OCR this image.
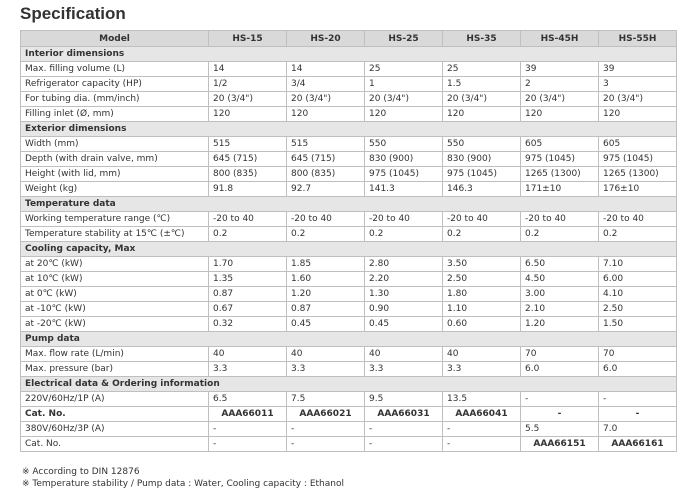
Specification
Model	HS-15	HS-20	HS-25	HS-35	HS-45H	HS-55H
Interior dimensions						
Max. filling volume (L)	14	14	25	25	39	39
Refrigerator capacity (HP)	1/2	3/4	1	1.5	2	3
For tubing dia. (mm/inch)	20 (3/4")	20 (3/4")	20 (3/4")	20 (3/4")	20 (3/4")	20 (3/4")
Filling inlet (Ø, mm)	120	120	120	120	120	120
Exterior dimensions						
Width (mm)	515	515	550	550	605	605
Depth (with drain valve, mm)	645 (715)	645 (715)	830 (900)	830 (900)	975 (1045)	975 (1045)
Height (with lid, mm)	800 (835)	800 (835)	975 (1045)	975 (1045)	1265 (1300)	1265 (1300)
Weight (kg)	91.8	92.7	141.3	146.3	171±10	176±10
Temperature data						
Working temperature range (℃)	-20 to 40	-20 to 40	-20 to 40	-20 to 40	-20 to 40	-20 to 40
Temperature stability at 15℃ (±℃)	0.2	0.2	0.2	0.2	0.2	0.2
Cooling capacity, Max						
at 20℃ (kW)	1.70	1.85	2.80	3.50	6.50	7.10
at 10℃ (kW)	1.35	1.60	2.20	2.50	4.50	6.00
at 0℃ (kW)	0.87	1.20	1.30	1.80	3.00	4.10
at -10℃ (kW)	0.67	0.87	0.90	1.10	2.10	2.50
at -20℃ (kW)	0.32	0.45	0.45	0.60	1.20	1.50
Pump data						
Max. flow rate (L/min)	40	40	40	40	70	70
Max. pressure (bar)	3.3	3.3	3.3	3.3	6.0	6.0
Electrical data & Ordering information						
220V/60Hz/1P (A)	6.5	7.5	9.5	13.5	-	-
Cat. No.	AAA66011	AAA66021	AAA66031	AAA66041	-	-
380V/60Hz/3P (A)	-	-	-	-	5.5	7.0
Cat. No.	-	-	-	-	AAA66151	AAA66161
※ According to DIN 12876
※ Temperature stability / Pump data : Water, Cooling capacity : Ethanol
